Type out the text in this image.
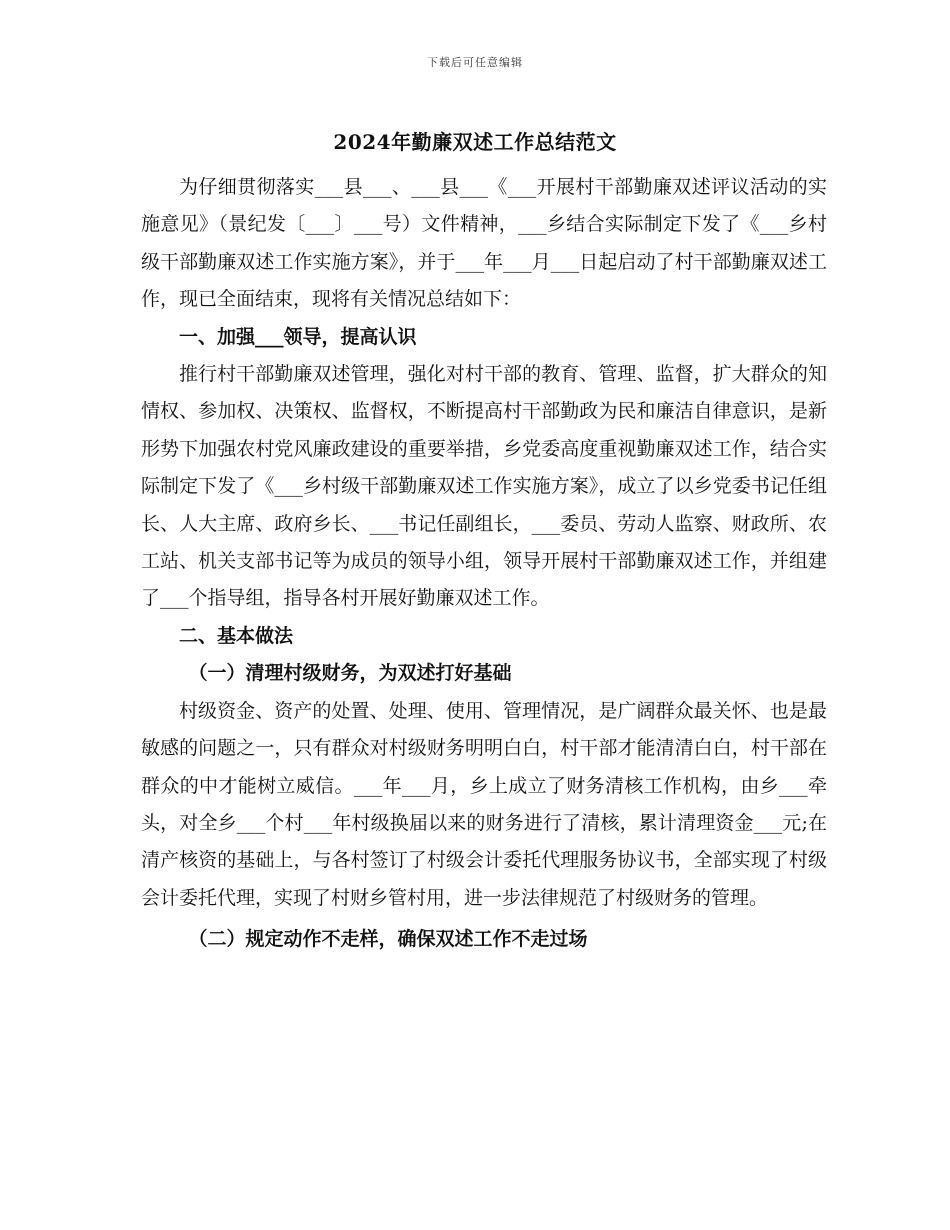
下载后可任意编辑
2024年勤廉双述工作总结范文

为仔细贯彻落实___县___、___县___《___开展村干部勤廉双述评议活动的实施意见》（景纪发〔___〕___号）文件精神，___乡结合实际制定下发了《___乡村级干部勤廉双述工作实施方案》，并于___年___月___日起启动了村干部勤廉双述工作，现已全面结束，现将有关情况总结如下：

一、加强___领导，提高认识

推行村干部勤廉双述管理，强化对村干部的教育、管理、监督，扩大群众的知情权、参加权、决策权、监督权，不断提高村干部勤政为民和廉洁自律意识，是新形势下加强农村党风廉政建设的重要举措，乡党委高度重视勤廉双述工作，结合实际制定下发了《___乡村级干部勤廉双述工作实施方案》，成立了以乡党委书记任组长、人大主席、政府乡长、___书记任副组长，___委员、劳动人监察、财政所、农工站、机关支部书记等为成员的领导小组，领导开展村干部勤廉双述工作，并组建了___个指导组，指导各村开展好勤廉双述工作。

二、基本做法

（一）清理村级财务，为双述打好基础

村级资金、资产的处置、处理、使用、管理情况，是广阔群众最关怀、也是最敏感的问题之一，只有群众对村级财务明明白白，村干部才能清清白白，村干部在群众的中才能树立威信。___年___月，乡上成立了财务清核工作机构，由乡___牵头，对全乡___个村___年村级换届以来的财务进行了清核，累计清理资金___元;在清产核资的基础上，与各村签订了村级会计委托代理服务协议书，全部实现了村级会计委托代理，实现了村财乡管村用，进一步法律规范了村级财务的管理。

（二）规定动作不走样，确保双述工作不走过场
